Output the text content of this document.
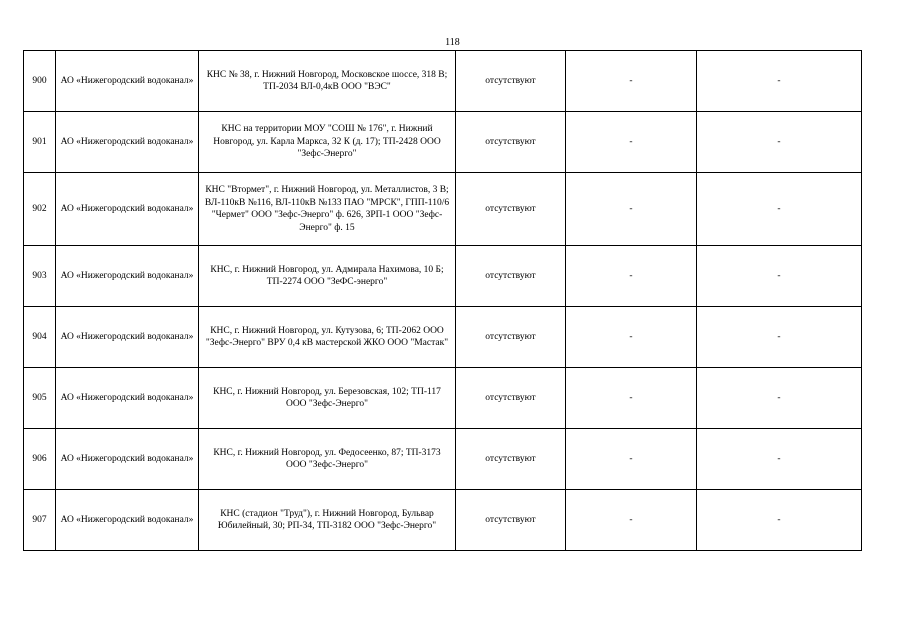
118
900	АО «Нижегородский водоканал»	КНС № 38, г. Нижний Новгород, Московское шоссе, 318 В; ТП-2034 ВЛ-0,4кВ ООО "ВЭС"	отсутствуют	-	-
901	АО «Нижегородский водоканал»	КНС на территории МОУ "СОШ № 176", г. Нижний Новгород, ул. Карла Маркса, 32 К (д. 17); ТП-2428 ООО "Зефс-Энерго"	отсутствуют	-	-
902	АО «Нижегородский водоканал»	КНС "Втормет", г. Нижний Новгород, ул. Металлистов, 3 В; ВЛ-110кВ №116, ВЛ-110кВ №133 ПАО "МРСК", ГПП-110/6 "Чермет" ООО "Зефс-Энерго" ф. 626, ЗРП-1 ООО "Зефс-Энерго" ф. 15	отсутствуют	-	-
903	АО «Нижегородский водоканал»	КНС, г. Нижний Новгород, ул. Адмирала Нахимова, 10 Б; ТП-2274 ООО "ЗеФС-энерго"	отсутствуют	-	-
904	АО «Нижегородский водоканал»	КНС, г. Нижний Новгород, ул. Кутузова, 6; ТП-2062 ООО "Зефс-Энерго" ВРУ 0,4 кВ мастерской ЖКО ООО "Мастак"	отсутствуют	-	-
905	АО «Нижегородский водоканал»	КНС, г. Нижний Новгород, ул. Березовская, 102; ТП-117 ООО "Зефс-Энерго"	отсутствуют	-	-
906	АО «Нижегородский водоканал»	КНС, г. Нижний Новгород, ул. Федосеенко, 87; ТП-3173 ООО "Зефс-Энерго"	отсутствуют	-	-
907	АО «Нижегородский водоканал»	КНС (стадион "Труд"), г. Нижний Новгород, Бульвар Юбилейный, 30; РП-34, ТП-3182 ООО "Зефс-Энерго"	отсутствуют	-	-
